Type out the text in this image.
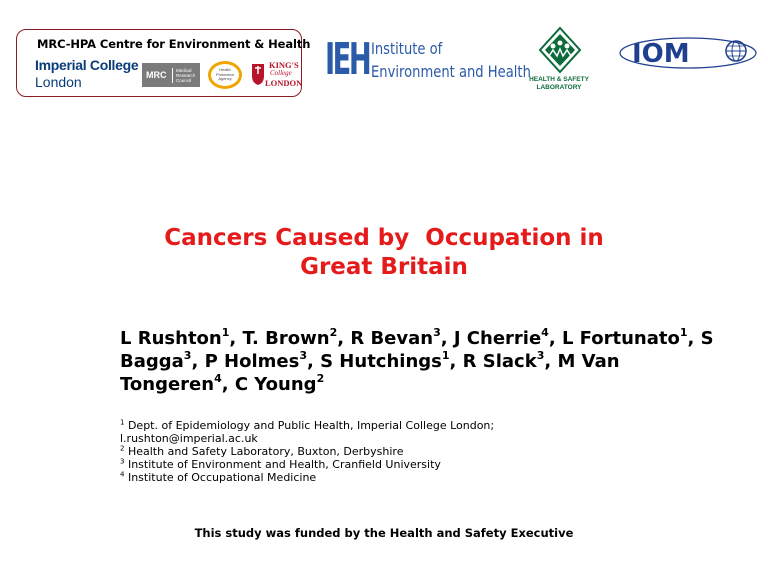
MRC-HPA Centre for Environment & Health
Imperial College
London	MRC	Medical
Research
Council
Health
Protection
Agency
KING'S
College
LONDON IEH Institute of
Environment and Health
HEALTH & SAFETY
LABORATORY
IOM
Cancers Caused by  Occupation in
Great Britain
L Rushton$^1$, T. Brown$^2$, R Bevan$^3$, J Cherrie$^4$, L Fortunato$^1$, S Bagga$^3$, P Holmes$^3$, S Hutchings$^1$, R Slack$^3$, M Van Tongeren$^4$, C Young$^2$
$^1$ Dept. of Epidemiology and Public Health, Imperial College London;
l.rushton@imperial.ac.uk
$^2$ Health and Safety Laboratory, Buxton, Derbyshire
$^3$ Institute of Environment and Health, Cranfield University
$^4$ Institute of Occupational Medicine
This study was funded by the Health and Safety Executive
